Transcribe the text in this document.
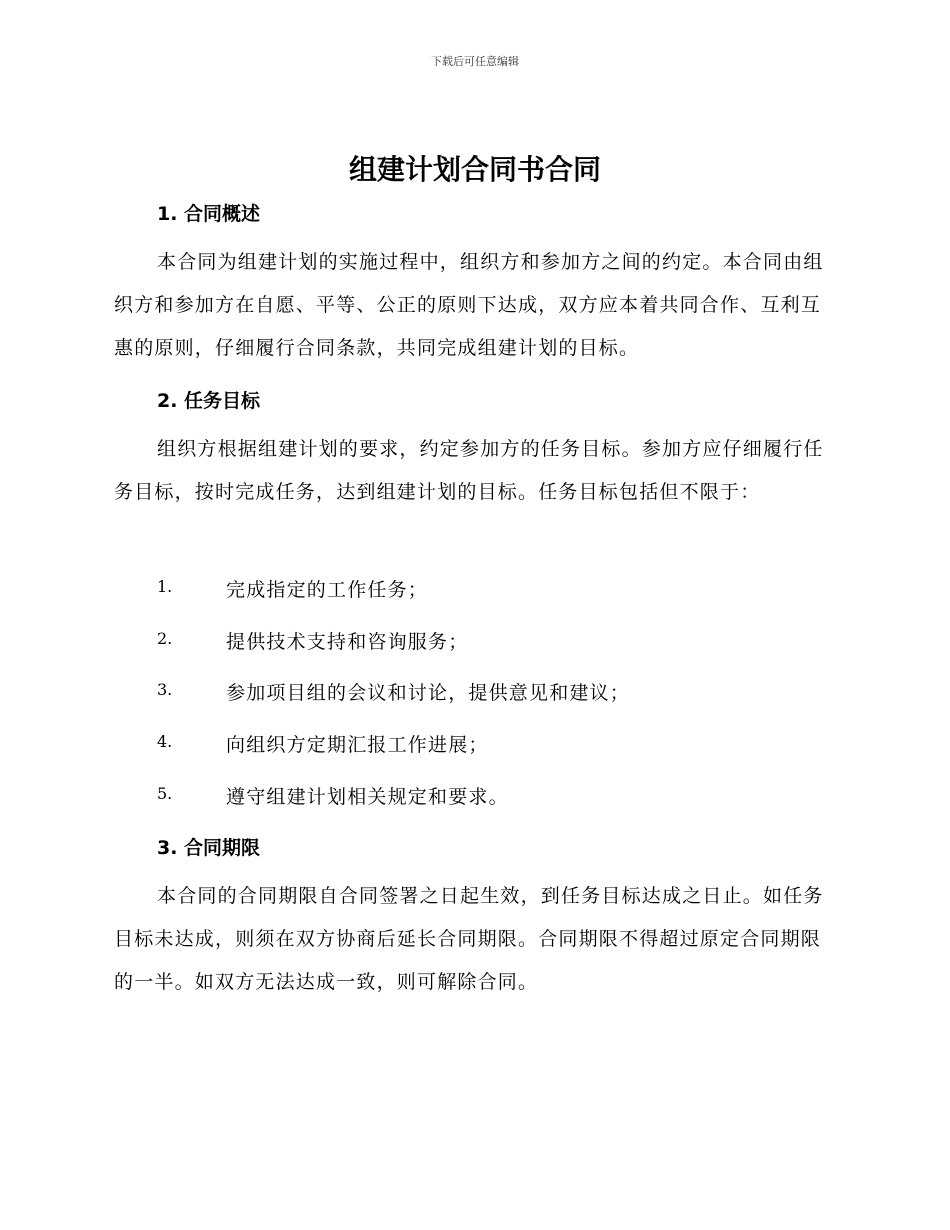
下载后可任意编辑
组建计划合同书合同
1. 合同概述
本合同为组建计划的实施过程中，组织方和参加方之间的约定。本合同由组织方和参加方在自愿、平等、公正的原则下达成，双方应本着共同合作、互利互惠的原则，仔细履行合同条款，共同完成组建计划的目标。
2. 任务目标
组织方根据组建计划的要求，约定参加方的任务目标。参加方应仔细履行任务目标，按时完成任务，达到组建计划的目标。任务目标包括但不限于：
1.	完成指定的工作任务；
2.	提供技术支持和咨询服务；
3.	参加项目组的会议和讨论，提供意见和建议；
4.	向组织方定期汇报工作进展；
5.	遵守组建计划相关规定和要求。
3. 合同期限
本合同的合同期限自合同签署之日起生效，到任务目标达成之日止。如任务目标未达成，则须在双方协商后延长合同期限。合同期限不得超过原定合同期限的一半。如双方无法达成一致，则可解除合同。
